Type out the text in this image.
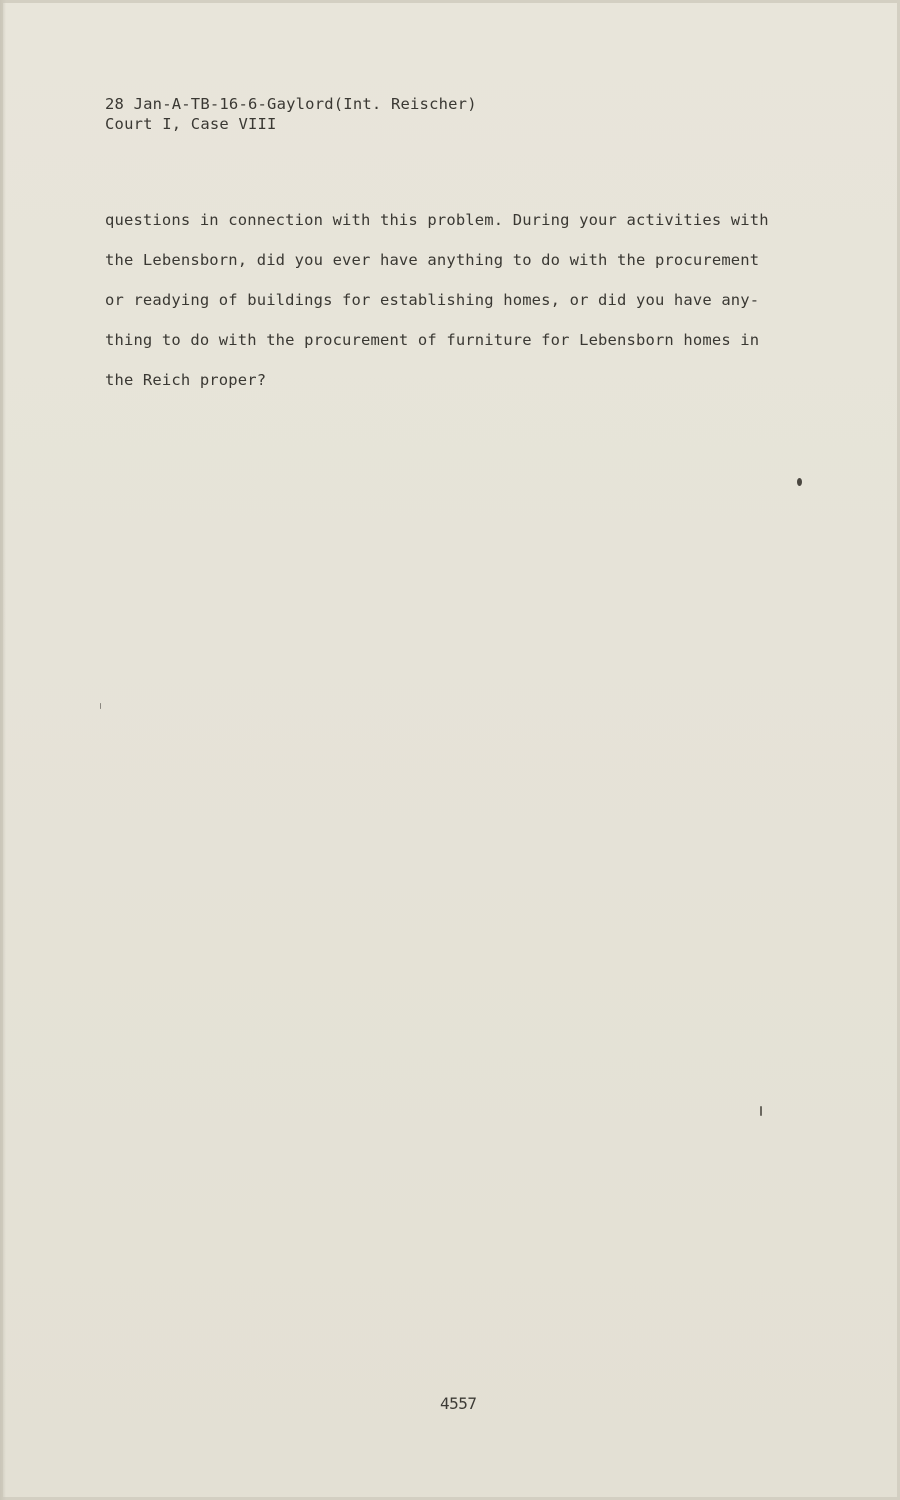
28 Jan-A-TB-16-6-Gaylord(Int. Reischer)
Court I, Case VIII
questions in connection with this problem. During your activities with
the Lebensborn, did you ever have anything to do with the procurement
or readying of buildings for establishing homes, or did you have any-
thing to do with the procurement of furniture for Lebensborn homes in
the Reich proper?
4557
